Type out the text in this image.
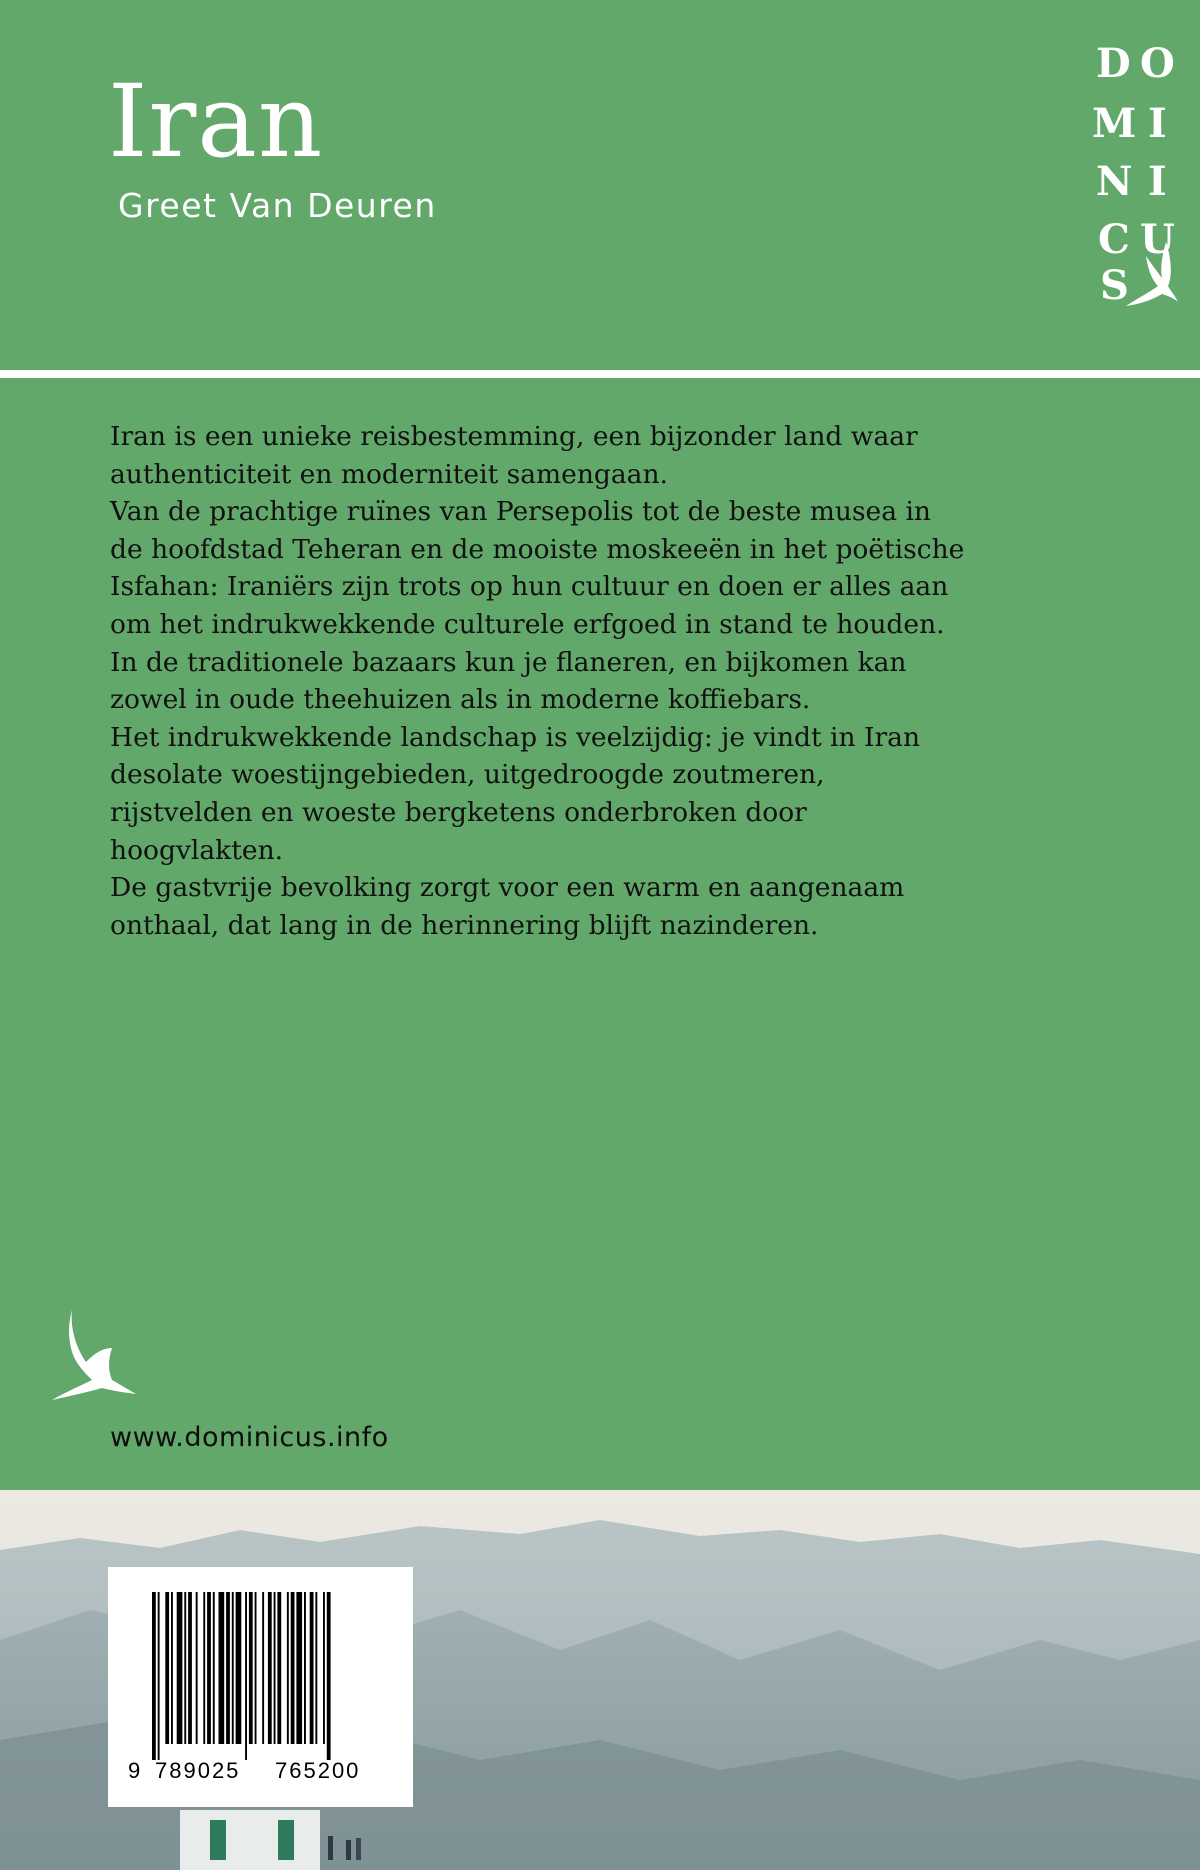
Iran
Greet Van Deuren
D O
M I
N I
C U
S

Iran is een unieke reisbestemming, een bijzonder land waar authenticiteit en moderniteit samengaan.

Van de prachtige ruïnes van Persepolis tot de beste musea in de hoofdstad Teheran en de mooiste moskeeën in het poëtische Isfahan: Iraniërs zijn trots op hun cultuur en doen er alles aan om het indrukwekkende culturele erfgoed in stand te houden.

In de traditionele bazaars kun je flaneren, en bijkomen kan zowel in oude theehuizen als in moderne koffiebars.

Het indrukwekkende landschap is veelzijdig: je vindt in Iran desolate woestijngebieden, uitgedroogde zoutmeren, rijstvelden en woeste bergketens onderbroken door hoogvlakten.

De gastvrije bevolking zorgt voor een warm en aangenaam onthaal, dat lang in de herinnering blijft nazinderen.

www.dominicus.info
9 789025 765200
